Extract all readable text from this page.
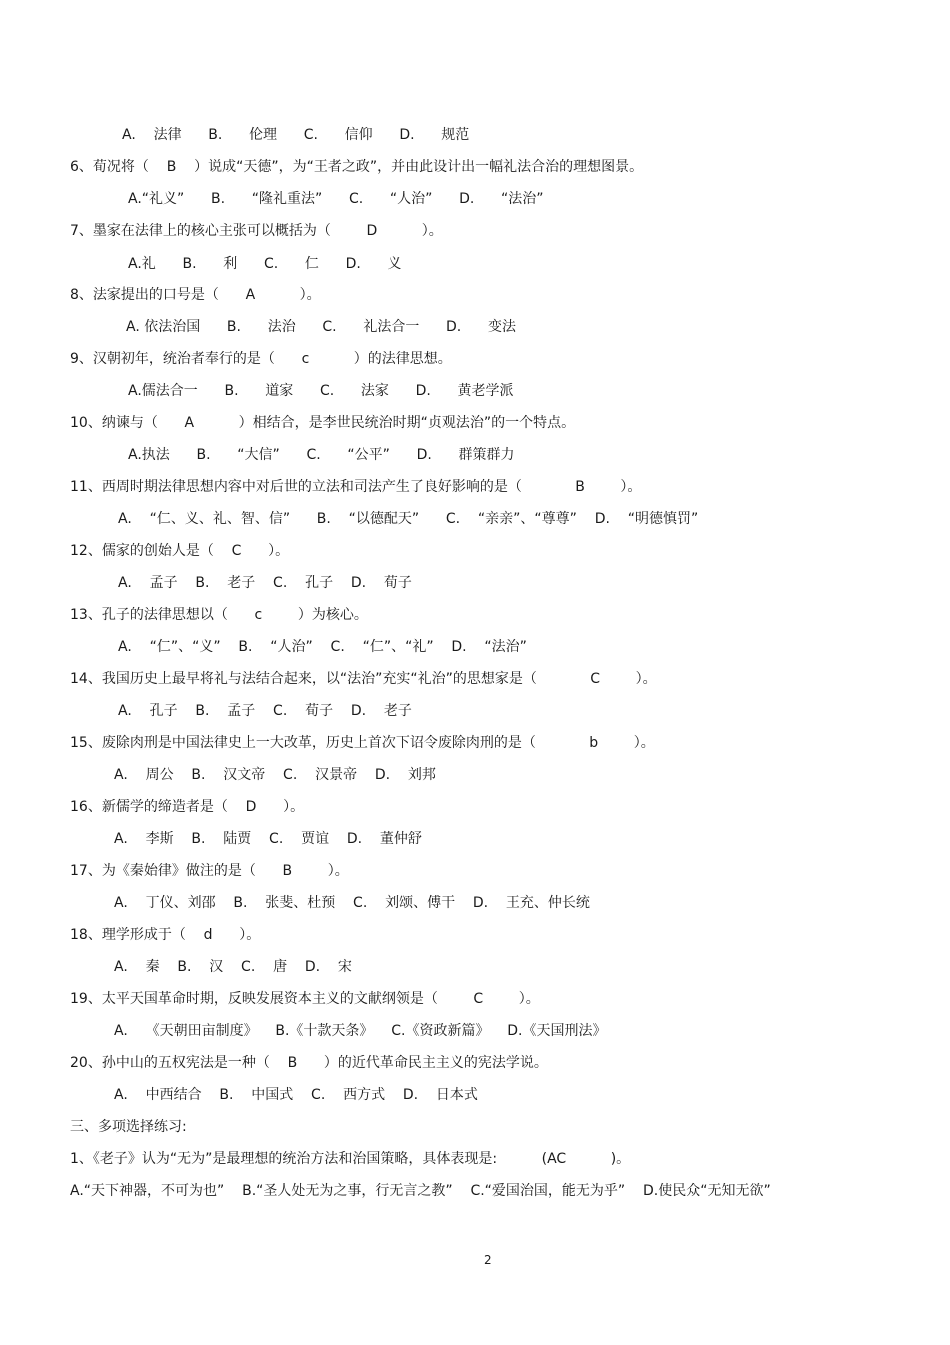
A.    法律      B.      伦理      C.      信仰      D.      规范
6、荀况将（    B    ）说成“天德”，为“王者之政”，并由此设计出一幅礼法合治的理想图景。
A.“礼义”      B.      “隆礼重法”      C.      “人治”      D.      “法治”
7、墨家在法律上的核心主张可以概括为（        D          ）。
A.礼      B.      利      C.      仁      D.      义
8、法家提出的口号是（      A          ）。
A. 依法治国      B.      法治      C.      礼法合一      D.      变法
9、汉朝初年，统治者奉行的是（      c          ）的法律思想。
A.儒法合一      B.      道家      C.      法家      D.      黄老学派
10、纳谏与（      A          ）相结合，是李世民统治时期“贞观法治”的一个特点。
A.执法      B.      “大信”      C.      “公平”      D.      群策群力
11、西周时期法律思想内容中对后世的立法和司法产生了良好影响的是（            B        ）。
A.    “仁、义、礼、智、信”      B.    “以德配天”      C.    “亲亲”、“尊尊”    D.    “明德慎罚”
12、儒家的创始人是（    C      ）。
A.    孟子    B.    老子    C.    孔子    D.    荀子
13、孔子的法律思想以（      c        ）为核心。
A.    “仁”、“义”    B.    “人治”    C.    “仁”、“礼”    D.    “法治”
14、我国历史上最早将礼与法结合起来，以“法治”充实“礼治”的思想家是（            C        ）。
A.    孔子    B.    孟子    C.    荀子    D.    老子
15、废除肉刑是中国法律史上一大改革，历史上首次下诏令废除肉刑的是（            b        ）。
A.    周公    B.    汉文帝    C.    汉景帝    D.    刘邦
16、新儒学的缔造者是（    D      ）。
A.    李斯    B.    陆贾    C.    贾谊    D.    董仲舒
17、为《秦始律》做注的是（      B        ）。
A.    丁仪、刘邵    B.    张斐、杜预    C.    刘颂、傅干    D.    王充、仲长统
18、理学形成于（    d      ）。
A.    秦    B.    汉    C.    唐    D.    宋
19、太平天国革命时期，反映发展资本主义的文献纲领是（        C        ）。
A.    《天朝田亩制度》    B.《十款天条》    C.《资政新篇》    D.《天国刑法》
20、孙中山的五权宪法是一种（    B      ）的近代革命民主主义的宪法学说。
A.    中西结合    B.    中国式    C.    西方式    D.    日本式
三、多项选择练习:
1、《老子》认为“无为”是最理想的统治方法和治国策略，具体表现是:          (AC          )。
A.“天下神器，不可为也”    B.“圣人处无为之事，行无言之教”    C.“爱国治国，能无为乎”    D.使民众“无知无欲”
2
